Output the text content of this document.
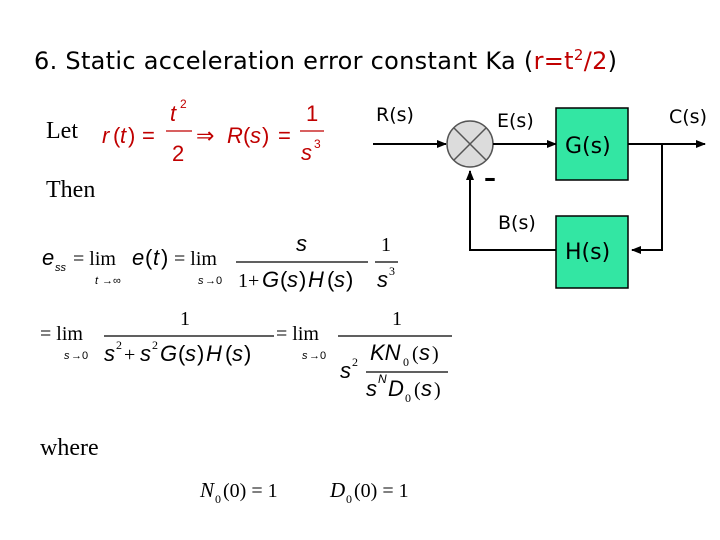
6. Static acceleration error constant Ka $(r=t^2/2)$
Let
Then
where
r ( t ) =
t 2
2
⇒ R ( s ) =
1
s 3
e ss = lim
t →∞
e ( t ) = lim
s →0
s
1+ G ( s ) H ( s )
1
s 3
= lim
s →0
1
s 2 + s 2 G ( s ) H ( s )
= lim
s →0
1
s 2 KN 0 ( s )
s N D 0 ( s )
N 0 (0) = 1 D 0 (0) = 1
R(s)	E(s)	C(s)
B(s)
–
G(s)
H(s)
